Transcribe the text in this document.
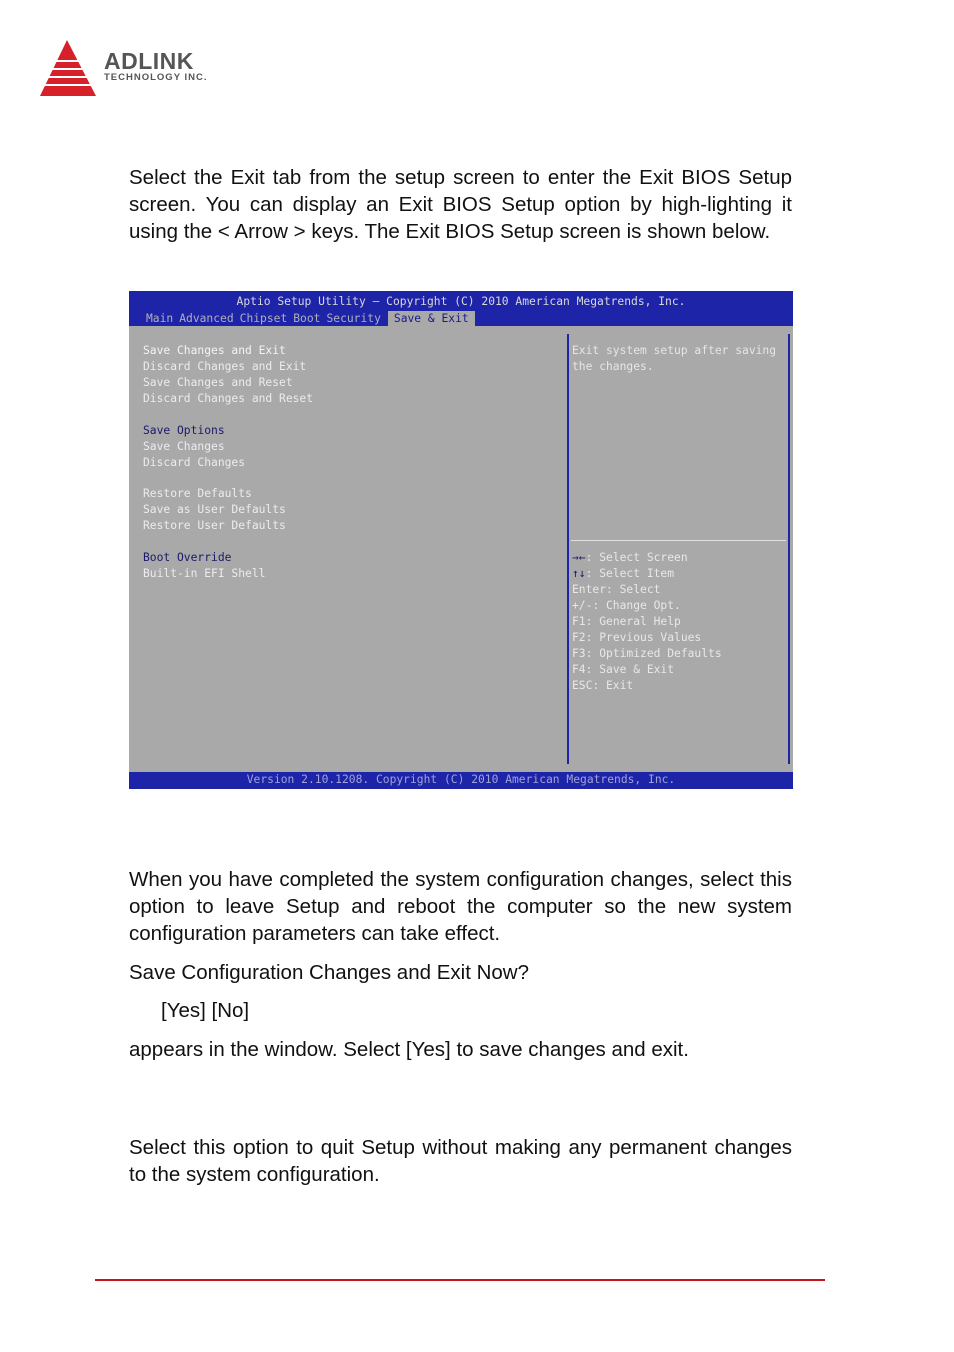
ADLINK
TECHNOLOGY INC.

Select the Exit tab from the setup screen to enter the Exit BIOS Setup screen. You can display an Exit BIOS Setup option by high-lighting it using the < Arrow > keys. The Exit BIOS Setup screen is shown below.

Aptio Setup Utility – Copyright (C) 2010 American Megatrends, Inc.
Main Advanced Chipset Boot Security	Save & Exit
Save Changes and Exit
Discard Changes and Exit
Save Changes and Reset
Discard Changes and Reset
Save Options
Save Changes
Discard Changes
Restore Defaults
Save as User Defaults
Restore User Defaults
Boot Override
Built-in EFI Shell
Exit system setup after saving
the changes.
→←: Select Screen
↑↓: Select Item
Enter: Select
+/-: Change Opt.
F1: General Help
F2: Previous Values
F3: Optimized Defaults
F4: Save & Exit
ESC: Exit
Version 2.10.1208. Copyright (C) 2010 American Megatrends, Inc.

When you have completed the system configuration changes, select this option to leave Setup and reboot the computer so the new system configuration parameters can take effect.

Save Configuration Changes and Exit Now?

[Yes] [No]

appears in the window. Select [Yes] to save changes and exit.

Select this option to quit Setup without making any permanent changes to the system configuration.
